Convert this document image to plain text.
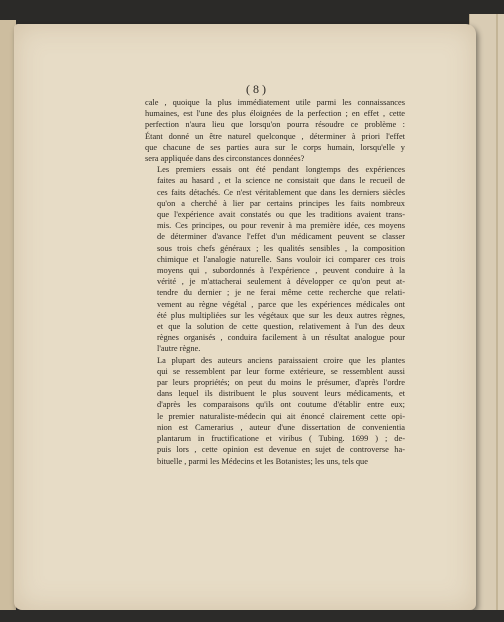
( 8 )

cale , quoique la plus immédiatement utile parmi les connaissances
humaines, est l'une des plus éloignées de la perfection ; en effet , cette
perfection n'aura lieu que lorsqu'on pourra résoudre ce problème :
Étant donné un être naturel quelconque , déterminer à priori l'effet
que chacune de ses parties aura sur le corps humain, lorsqu'elle y
sera appliquée dans des circonstances données?

Les premiers essais ont été pendant longtemps des expériences
faites au hasard , et la science ne consistait que dans le recueil de
ces faits détachés. Ce n'est véritablement que dans les derniers siècles
qu'on a cherché à lier par certains principes les faits nombreux
que l'expérience avait constatés ou que les traditions avaient trans-
mis. Ces principes, ou pour revenir à ma première idée, ces moyens
de déterminer d'avance l'effet d'un médicament peuvent se classer
sous trois chefs généraux ; les qualités sensibles , la composition
chimique et l'analogie naturelle. Sans vouloir ici comparer ces trois
moyens qui , subordonnés à l'expérience , peuvent conduire à la
vérité , je m'attacherai seulement à développer ce qu'on peut at-
tendre du dernier ; je ne ferai même cette recherche que relati-
vement au règne végétal , parce que les expériences médicales ont
été plus multipliées sur les végétaux que sur les deux autres règnes,
et que la solution de cette question, relativement à l'un des deux
règnes organisés , conduira facilement à un résultat analogue pour
l'autre règne.

La plupart des auteurs anciens paraissaient croire que les plantes
qui se ressemblent par leur forme extérieure, se ressemblent aussi
par leurs propriétés; on peut du moins le présumer, d'après l'ordre
dans lequel ils distribuent le plus souvent leurs médicaments, et
d'après les comparaisons qu'ils ont coutume d'établir entre eux;
le premier naturaliste-médecin qui ait énoncé clairement cette opi-
nion est Camerarius , auteur d'une dissertation de convenientia
plantarum in fructificatione et viribus ( Tubing. 1699 ) ; de-
puis lors , cette opinion est devenue en sujet de controverse ha-
bituelle , parmi les Médecins et les Botanistes; les uns, tels que
